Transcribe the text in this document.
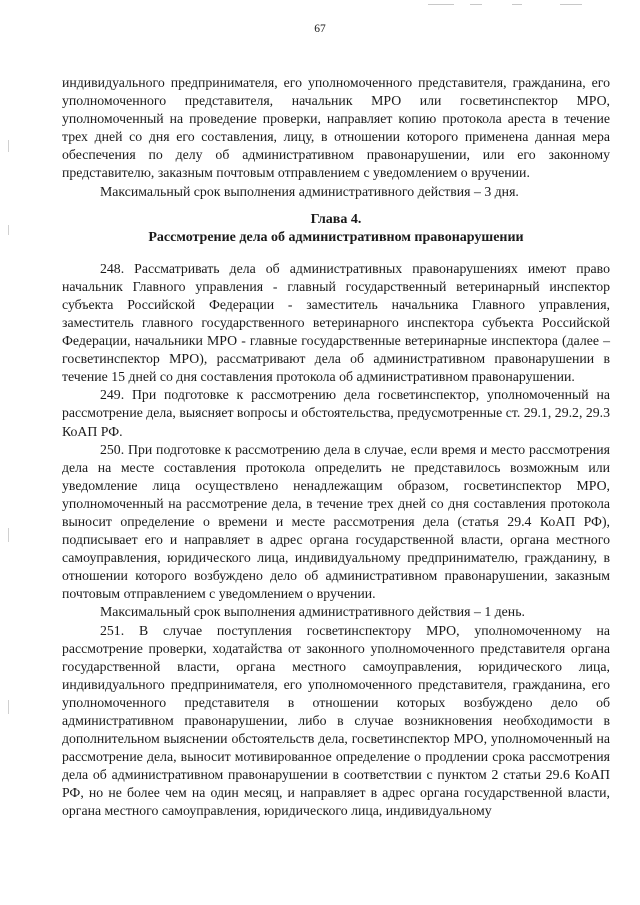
67

индивидуального предпринимателя, его уполномоченного представителя, гражданина, его уполномоченного представителя, начальник МРО или госветинспектор МРО, уполномоченный на проведение проверки, направляет копию протокола ареста в течение трех дней со дня его составления, лицу, в отношении которого применена данная мера обеспечения по делу об административном правонарушении, или его законному представителю, заказным почтовым отправлением с уведомлением о вручении.

Максимальный срок выполнения административного действия – 3 дня.

Глава 4.
Рассмотрение дела об административном правонарушении

248. Рассматривать дела об административных правонарушениях имеют право начальник Главного управления - главный государственный ветеринарный инспектор субъекта Российской Федерации - заместитель начальника Главного управления, заместитель главного государственного ветеринарного инспектора субъекта Российской Федерации, начальники МРО - главные государственные ветеринарные инспектора (далее – госветинспектор МРО), рассматривают дела об административном правонарушении в течение 15 дней со дня составления протокола об административном правонарушении.

249. При подготовке к рассмотрению дела госветинспектор, уполномоченный на рассмотрение дела, выясняет вопросы и обстоятельства, предусмотренные ст. 29.1, 29.2, 29.3 КоАП РФ.

250. При подготовке к рассмотрению дела в случае, если время и место рассмотрения дела на месте составления протокола определить не представилось возможным или уведомление лица осуществлено ненадлежащим образом, госветинспектор МРО, уполномоченный на рассмотрение дела, в течение трех дней со дня составления протокола выносит определение о времени и месте рассмотрения дела (статья 29.4 КоАП РФ), подписывает его и направляет в адрес органа государственной власти, органа местного самоуправления, юридического лица, индивидуальному предпринимателю, гражданину, в отношении которого возбуждено дело об административном правонарушении, заказным почтовым отправлением с уведомлением о вручении.

Максимальный срок выполнения административного действия – 1 день.

251. В случае поступления госветинспектору МРО, уполномоченному на рассмотрение проверки, ходатайства от законного уполномоченного представителя органа государственной власти, органа местного самоуправления, юридического лица, индивидуального предпринимателя, его уполномоченного представителя, гражданина, его уполномоченного представителя в отношении которых возбуждено дело об административном правонарушении, либо в случае возникновения необходимости в дополнительном выяснении обстоятельств дела, госветинспектор МРО, уполномоченный на рассмотрение дела, выносит мотивированное определение о продлении срока рассмотрения дела об административном правонарушении в соответствии с пунктом 2 статьи 29.6 КоАП РФ, но не более чем на один месяц, и направляет в адрес органа государственной власти, органа местного самоуправления, юридического лица, индивидуальному
